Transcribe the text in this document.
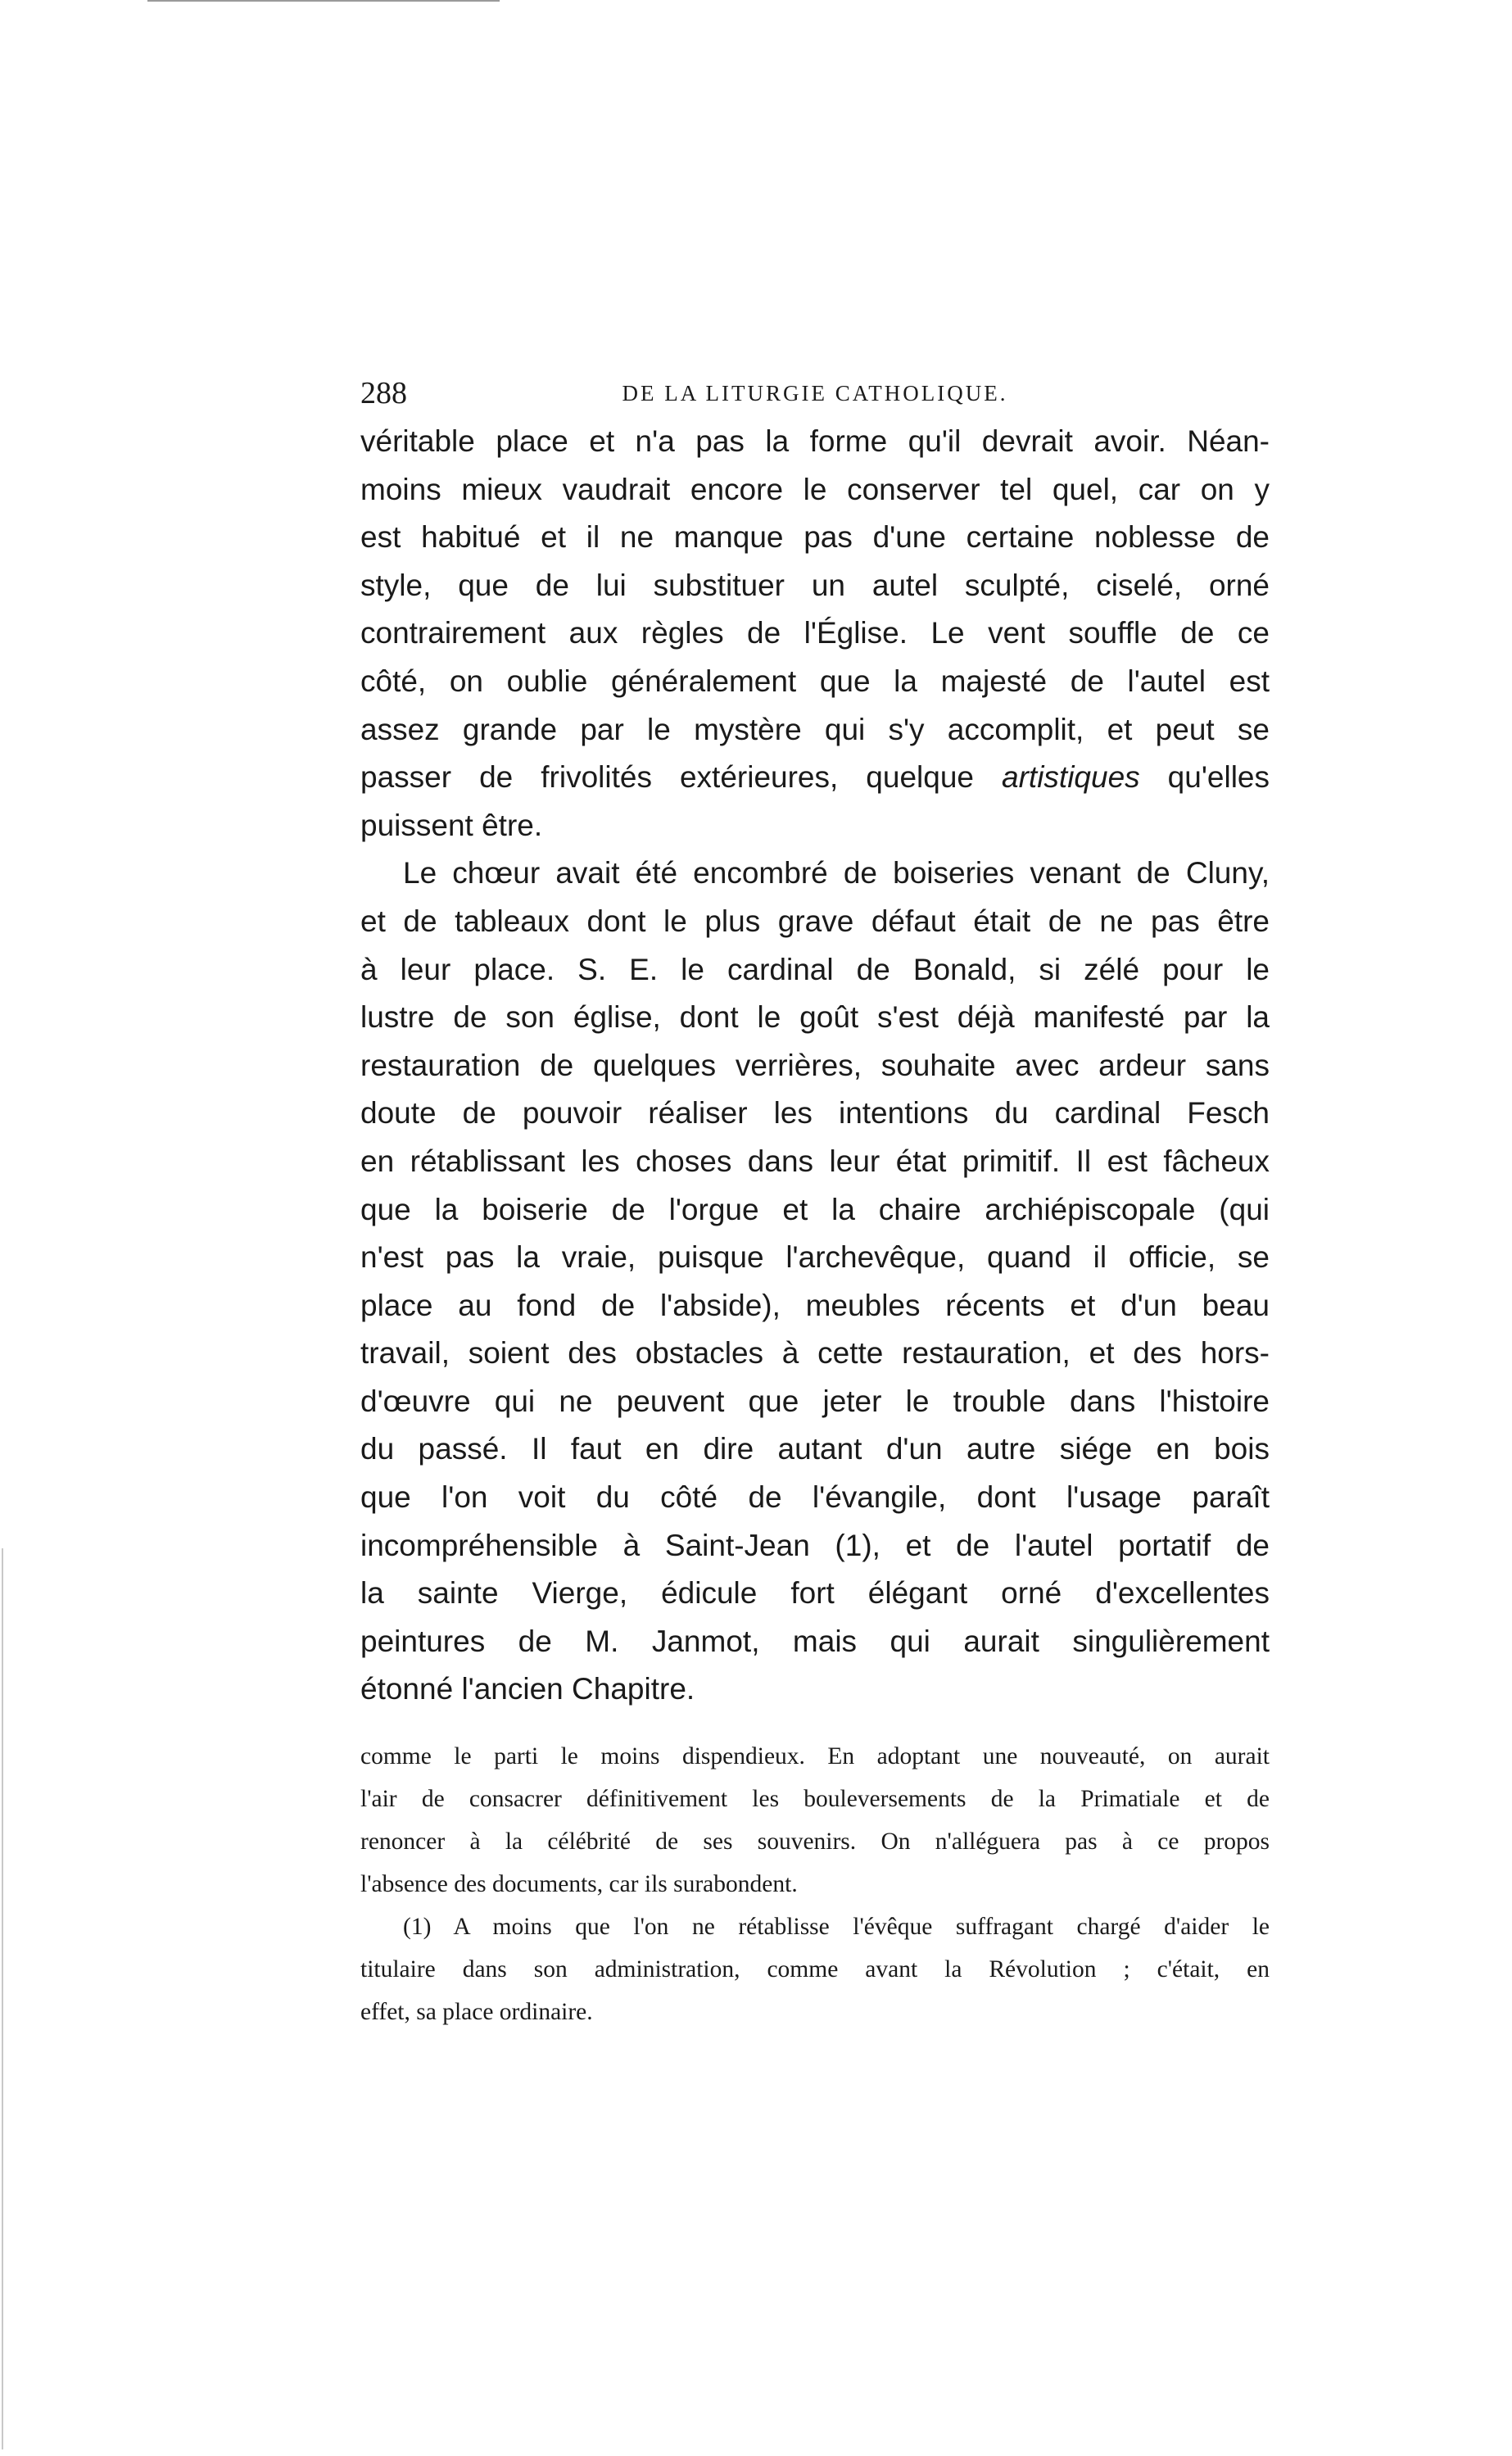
288	DE LA LITURGIE CATHOLIQUE.
véritable place et n'a pas la forme qu'il devrait avoir. Néan-
moins mieux vaudrait encore le conserver tel quel, car on y
est habitué et il ne manque pas d'une certaine noblesse de
style, que de lui substituer un autel sculpté, ciselé, orné
contrairement aux règles de l'Église. Le vent souffle de ce
côté, on oublie généralement que la majesté de l'autel est
assez grande par le mystère qui s'y accomplit, et peut se
passer de frivolités extérieures, quelque artistiques qu'elles
puissent être.
Le chœur avait été encombré de boiseries venant de Cluny,
et de tableaux dont le plus grave défaut était de ne pas être
à leur place. S. E. le cardinal de Bonald, si zélé pour le
lustre de son église, dont le goût s'est déjà manifesté par la
restauration de quelques verrières, souhaite avec ardeur sans
doute de pouvoir réaliser les intentions du cardinal Fesch
en rétablissant les choses dans leur état primitif. Il est fâcheux
que la boiserie de l'orgue et la chaire archiépiscopale (qui
n'est pas la vraie, puisque l'archevêque, quand il officie, se
place au fond de l'abside), meubles récents et d'un beau
travail, soient des obstacles à cette restauration, et des hors-
d'œuvre qui ne peuvent que jeter le trouble dans l'histoire
du passé. Il faut en dire autant d'un autre siége en bois
que l'on voit du côté de l'évangile, dont l'usage paraît
incompréhensible à Saint-Jean (1), et de l'autel portatif de
la sainte Vierge, édicule fort élégant orné d'excellentes
peintures de M. Janmot, mais qui aurait singulièrement
étonné l'ancien Chapitre.
comme le parti le moins dispendieux. En adoptant une nouveauté, on aurait
l'air de consacrer définitivement les bouleversements de la Primatiale et de
renoncer à la célébrité de ses souvenirs. On n'alléguera pas à ce propos
l'absence des documents, car ils surabondent.
(1) A moins que l'on ne rétablisse l'évêque suffragant chargé d'aider le
titulaire dans son administration, comme avant la Révolution ; c'était, en
effet, sa place ordinaire.
